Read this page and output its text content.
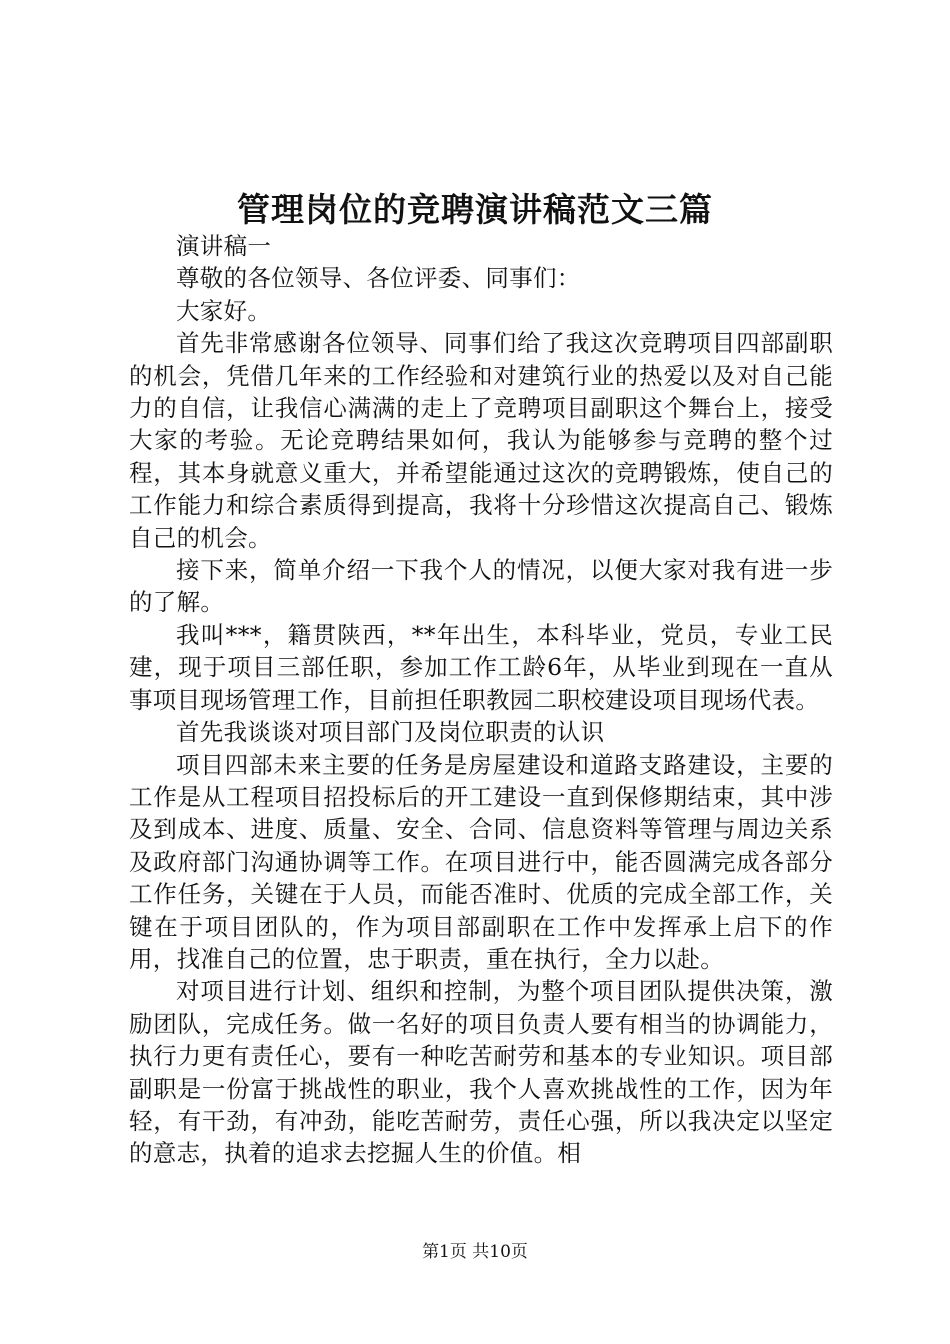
管理岗位的竞聘演讲稿范文三篇

演讲稿一

尊敬的各位领导、各位评委、同事们：

大家好。

首先非常感谢各位领导、同事们给了我这次竞聘项目四部副职的机会，凭借几年来的工作经验和对建筑行业的热爱以及对自己能力的自信，让我信心满满的走上了竞聘项目副职这个舞台上，接受大家的考验。无论竞聘结果如何，我认为能够参与竞聘的整个过程，其本身就意义重大，并希望能通过这次的竞聘锻炼，使自己的工作能力和综合素质得到提高，我将十分珍惜这次提高自己、锻炼自己的机会。

接下来，简单介绍一下我个人的情况，以便大家对我有进一步的了解。

我叫***，籍贯陕西，**年出生，本科毕业，党员，专业工民建，现于项目三部任职，参加工作工龄6年，从毕业到现在一直从事项目现场管理工作，目前担任职教园二职校建设项目现场代表。

首先我谈谈对项目部门及岗位职责的认识

项目四部未来主要的任务是房屋建设和道路支路建设，主要的工作是从工程项目招投标后的开工建设一直到保修期结束，其中涉及到成本、进度、质量、安全、合同、信息资料等管理与周边关系及政府部门沟通协调等工作。在项目进行中，能否圆满完成各部分工作任务，关键在于人员，而能否准时、优质的完成全部工作，关键在于项目团队的，作为项目部副职在工作中发挥承上启下的作用，找准自己的位置，忠于职责，重在执行，全力以赴。

对项目进行计划、组织和控制，为整个项目团队提供决策，激励团队，完成任务。做一名好的项目负责人要有相当的协调能力，执行力更有责任心，要有一种吃苦耐劳和基本的专业知识。项目部副职是一份富于挑战性的职业，我个人喜欢挑战性的工作，因为年轻，有干劲，有冲劲，能吃苦耐劳，责任心强，所以我决定以坚定的意志，执着的追求去挖掘人生的价值。相

第1页 共10页
